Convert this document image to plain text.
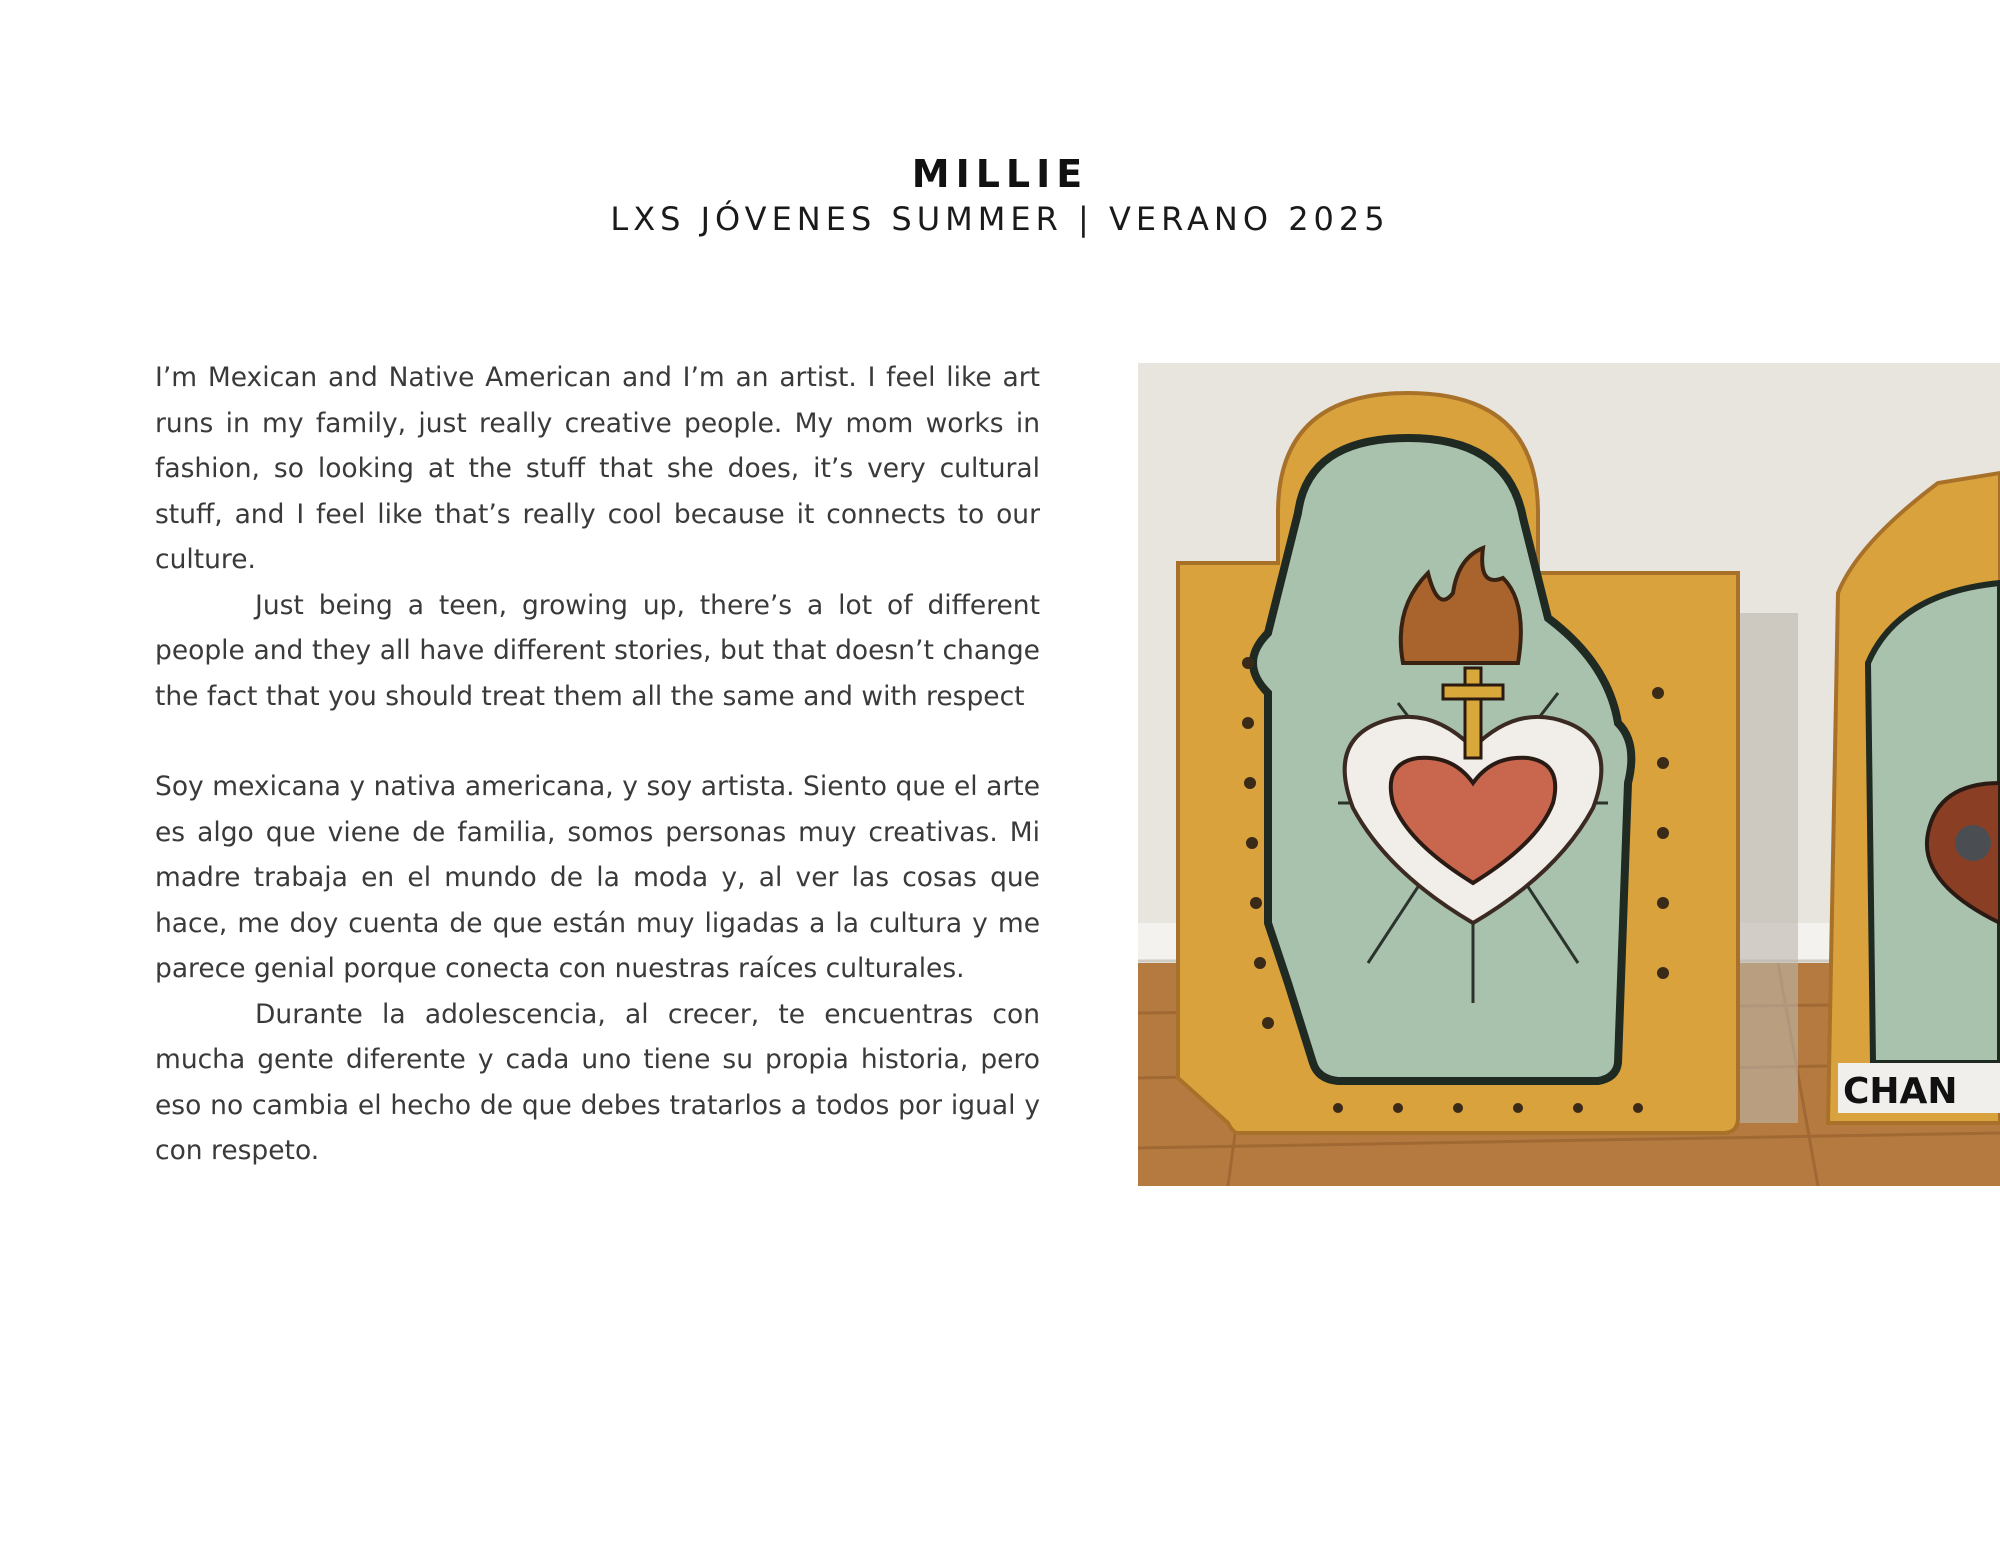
MILLIE
LXS JÓVENES SUMMER | VERANO 2025

I’m Mexican and Native American and I’m an artist. I feel like art runs in my family, just really creative people. My mom works in fashion, so looking at the stuff that she does, it’s very cultural stuff, and I feel like that’s really cool because it connects to our culture.

Just being a teen, growing up, there’s a lot of different people and they all have different stories, but that doesn’t change the fact that you should treat them all the same and with respect

Soy mexicana y nativa americana, y soy artista. Siento que el arte es algo que viene de familia, somos personas muy creativas. Mi madre trabaja en el mundo de la moda y, al ver las cosas que hace, me doy cuenta de que están muy ligadas a la cultura y me parece genial porque conecta con nuestras raíces culturales.

Durante la adolescencia, al crecer, te encuentras con mucha gente diferente y cada uno tiene su propia historia, pero eso no cambia el hecho de que debes tratarlos a todos por igual y con respeto.

CHAN
